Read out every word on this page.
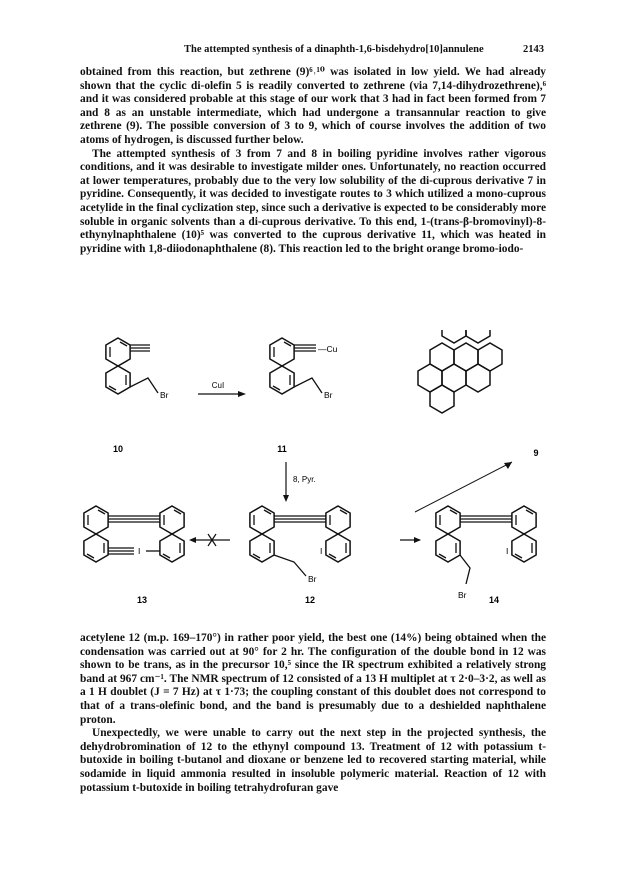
The attempted synthesis of a dinaphth-1,6-bisdehydro[10]annulene	2143

obtained from this reaction, but zethrene (9)⁶˒¹⁰ was isolated in low yield. We had already shown that the cyclic di-olefin 5 is readily converted to zethrene (via 7,14-dihydrozethrene),⁶ and it was considered probable at this stage of our work that 3 had in fact been formed from 7 and 8 as an unstable intermediate, which had undergone a transannular reaction to give zethrene (9). The possible conversion of 3 to 9, which of course involves the addition of two atoms of hydrogen, is discussed further below.

The attempted synthesis of 3 from 7 and 8 in boiling pyridine involves rather vigorous conditions, and it was desirable to investigate milder ones. Unfortunately, no reaction occurred at lower temperatures, probably due to the very low solubility of the di-cuprous derivative 7 in pyridine. Consequently, it was decided to investigate routes to 3 which utilized a mono-cuprous acetylide in the final cyclization step, since such a derivative is expected to be considerably more soluble in organic solvents than a di-cuprous derivative. To this end, 1-(trans-β-bromovinyl)-8-ethynylnaphthalene (10)⁵ was converted to the cuprous derivative 11, which was heated in pyridine with 1,8-diiodonaphthalene (8). This reaction led to the bright orange bromo-iodo-

Br
10
CuI
—Cu
Br
11	9
8, Pyr.
I
13
I
Br
12
I
Br 14

acetylene 12 (m.p. 169–170°) in rather poor yield, the best one (14%) being obtained when the condensation was carried out at 90° for 2 hr. The configuration of the double bond in 12 was shown to be trans, as in the precursor 10,⁵ since the IR spectrum exhibited a relatively strong band at 967 cm⁻¹. The NMR spectrum of 12 consisted of a 13 H multiplet at τ 2·0–3·2, as well as a 1 H doublet (J = 7 Hz) at τ 1·73; the coupling constant of this doublet does not correspond to that of a trans-olefinic bond, and the band is presumably due to a deshielded naphthalene proton.

Unexpectedly, we were unable to carry out the next step in the projected synthesis, the dehydrobromination of 12 to the ethynyl compound 13. Treatment of 12 with potassium t-butoxide in boiling t-butanol and dioxane or benzene led to recovered starting material, while sodamide in liquid ammonia resulted in insoluble polymeric material. Reaction of 12 with potassium t-butoxide in boiling tetrahydrofuran gave
